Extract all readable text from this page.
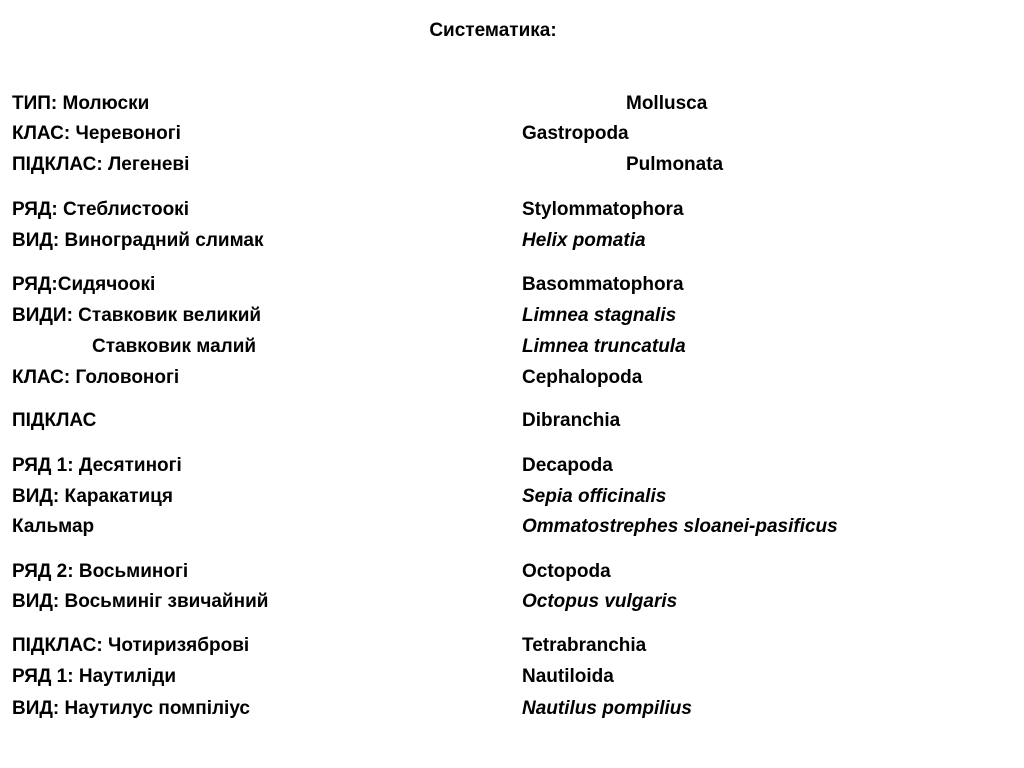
Систематика:
ТИП: Молюски
КЛАС: Черевоногі
ПІДКЛАС: Легеневі
РЯД: Стеблистоокі
ВИД: Виноградний слимак
РЯД:Сидячоокі
ВИДИ: Ставковик великий
Ставковик малий
КЛАС: Головоногі
ПІДКЛАС
РЯД 1: Десятиногі
ВИД: Каракатиця
Кальмар
РЯД 2: Восьминогі
ВИД: Восьминіг звичайний
ПІДКЛАС: Чотиризяброві
РЯД 1: Наутиліди
ВИД: Наутилус помпіліус
Mollusca
Gastropoda
Pulmonata
Stylommatophora
Helix pomatia
Basommatophora
Limnea stagnalis
Limnea truncatula
Cephalopoda
Dibranchia
Decapoda
Sepia officinalis
Ommatostrephes sloanei-pasificus
Octopoda
Octopus vulgaris
Tetrabranchia
Nautiloida
Nautilus pompilius
